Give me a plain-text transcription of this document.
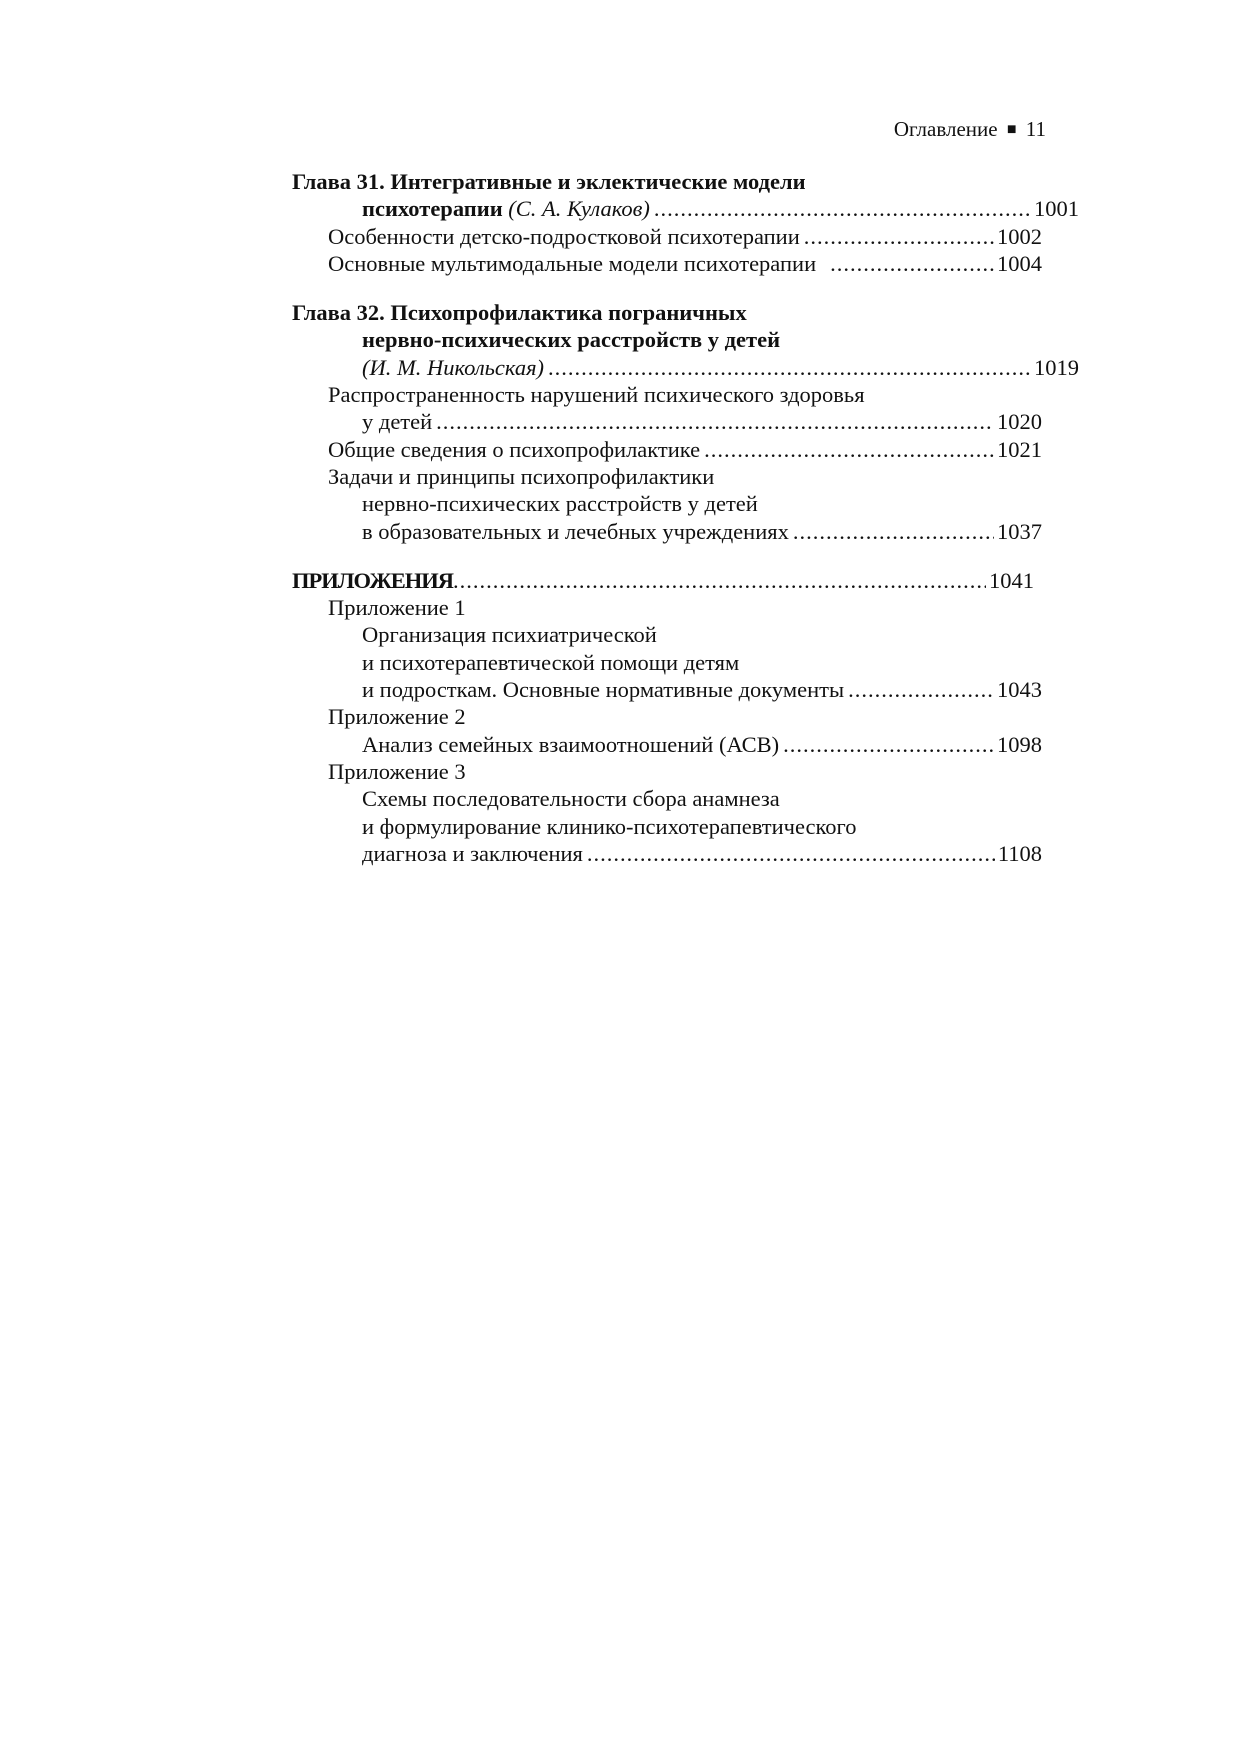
Оглавление ■ 11
Глава 31. Интегративные и эклектические модели
психотерапии (С. А. Кулаков) .....	1001
Особенности детско-подростковой психотерапии .....	1002
Основные мультимодальные модели психотерапии .....	1004
Глава 32. Психопрофилактика пограничных
нервно-психических расстройств у детей
(И. М. Никольская) .....	1019
Распространенность нарушений психического здоровья
у детей .....	1020
Общие сведения о психопрофилактике .....	1021
Задачи и принципы психопрофилактики
нервно-психических расстройств у детей
в образовательных и лечебных учреждениях .....	1037
ПРИЛОЖЕНИЯ .....	1041
Приложение 1
Организация психиатрической
и психотерапевтической помощи детям
и подросткам. Основные нормативные документы .....	1043
Приложение 2
Анализ семейных взаимоотношений (АСВ) .....	1098
Приложение 3
Схемы последовательности сбора анамнеза
и формулирование клинико-психотерапевтического
диагноза и заключения .....	1108
